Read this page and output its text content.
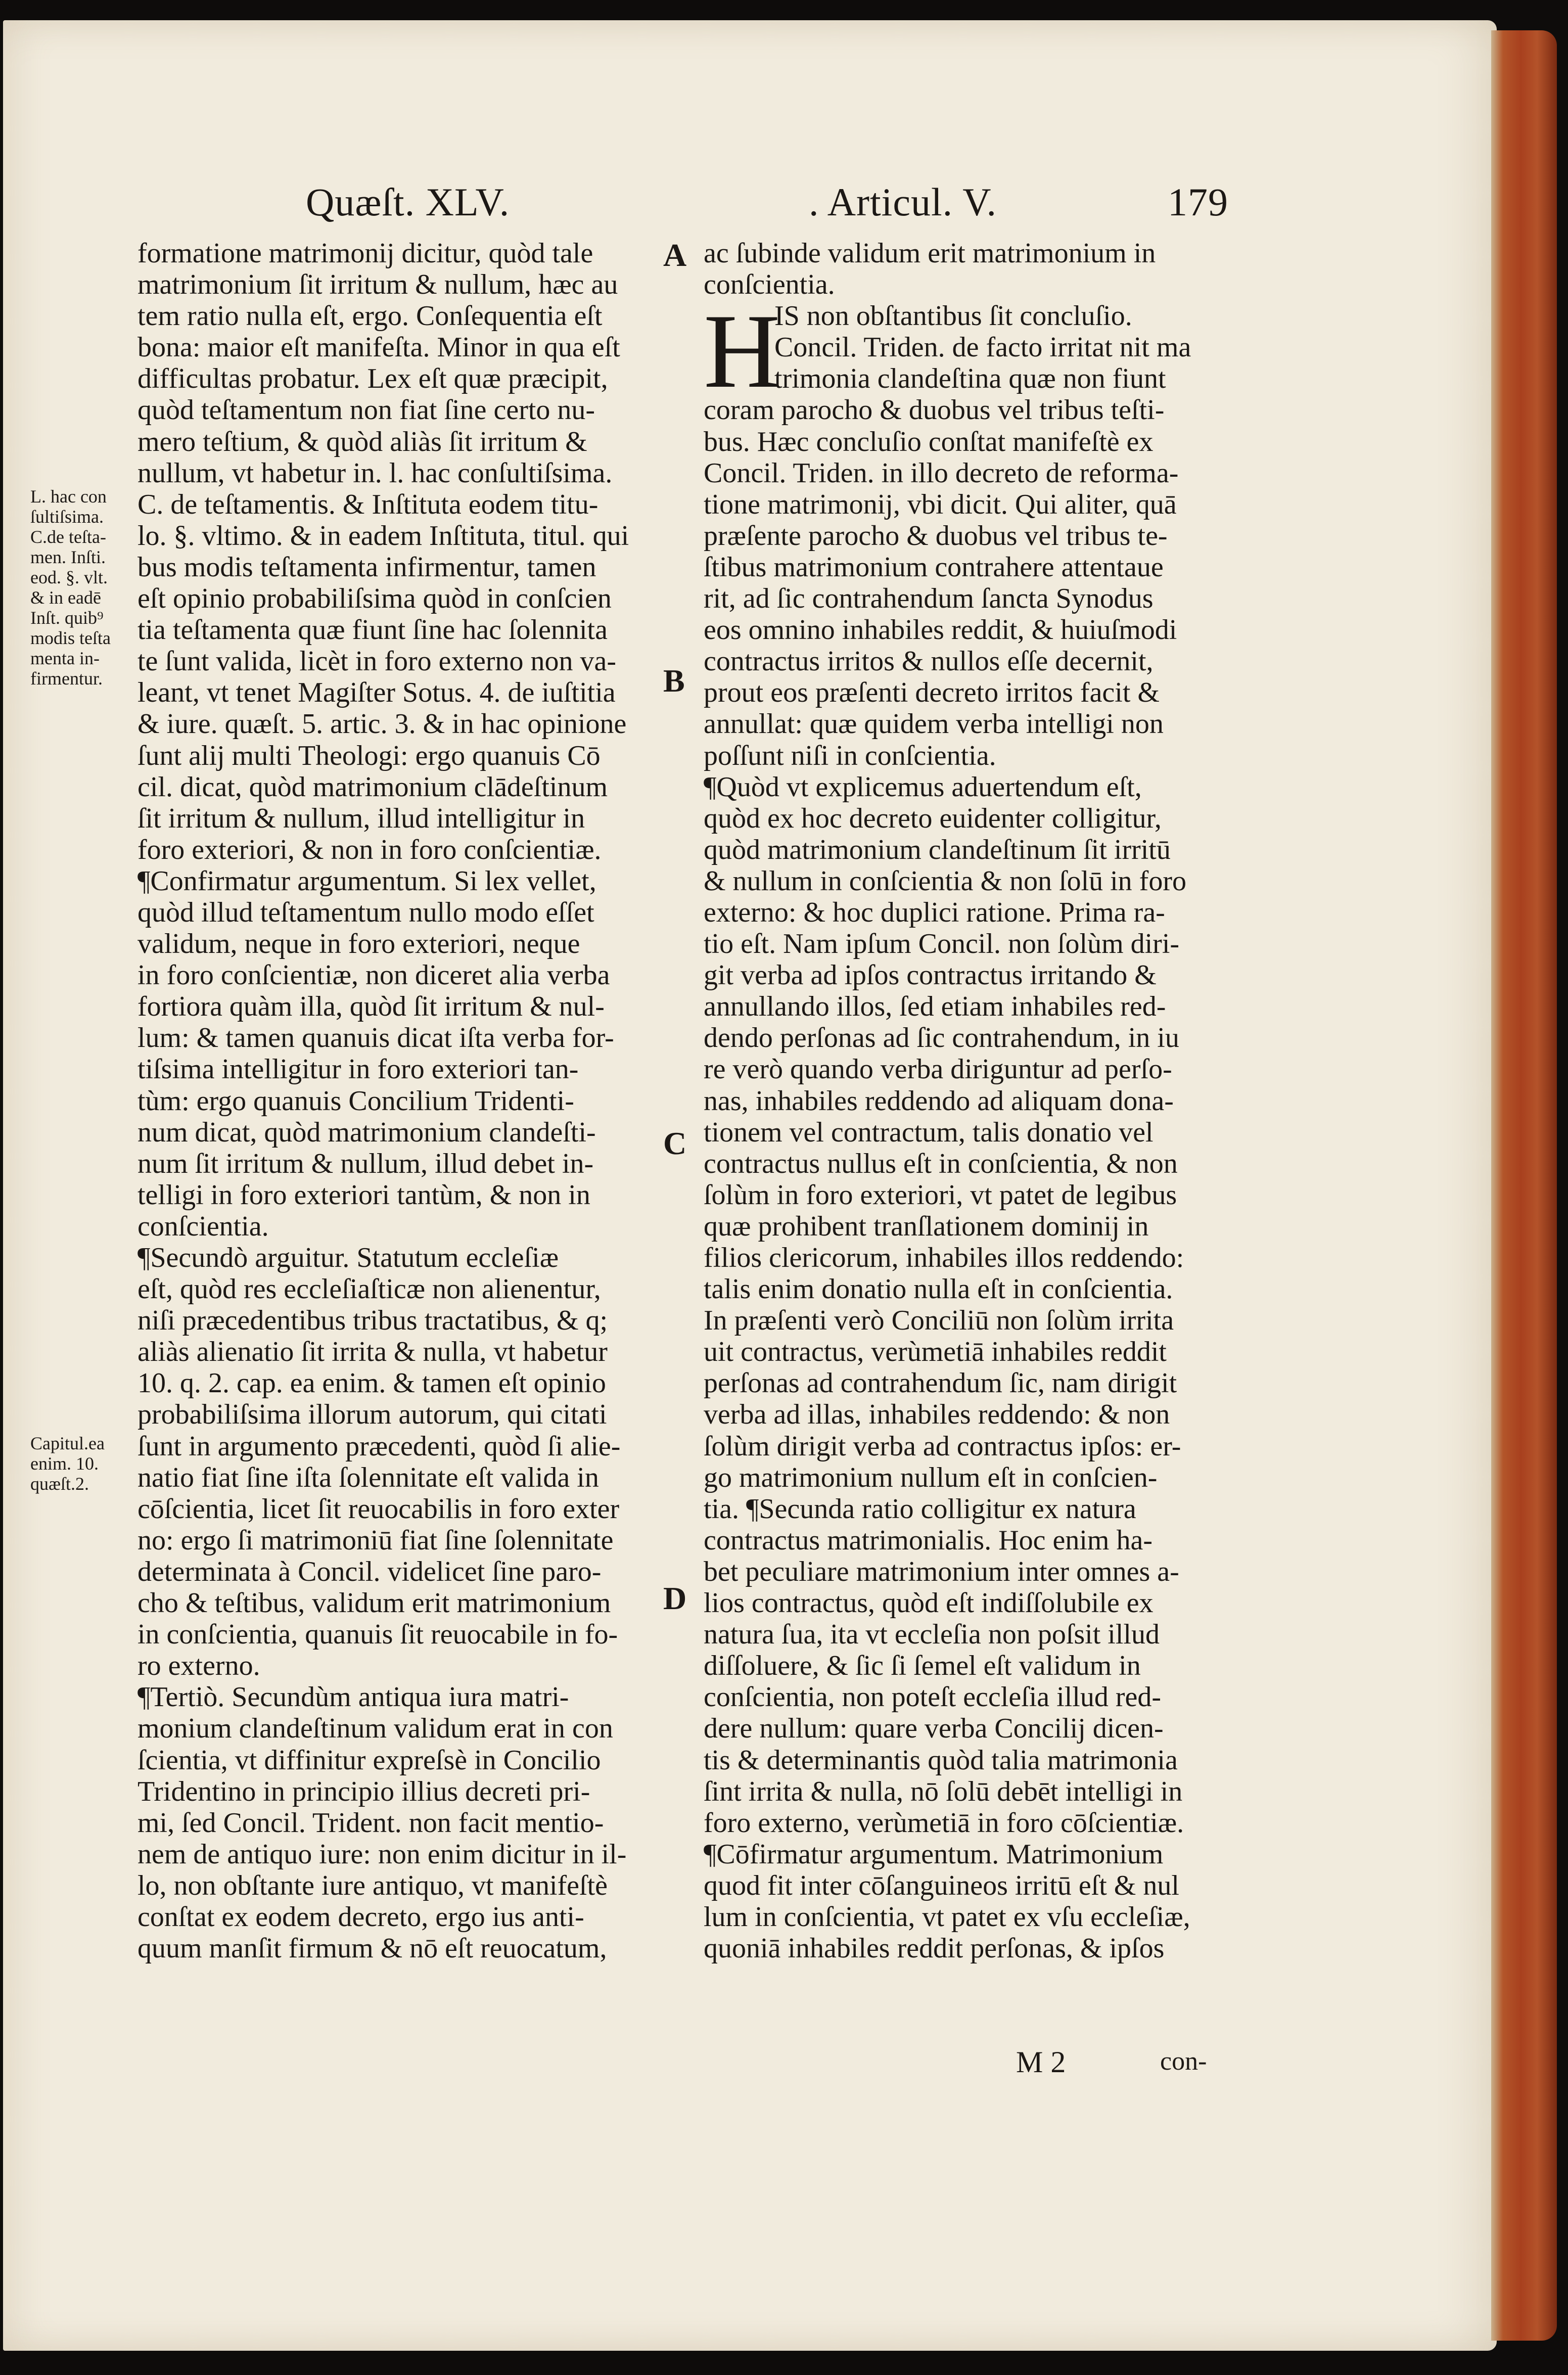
Quæſt. XLV.	. Articul. V.	179
L. hac con
ſultiſsima.
C.de teſta-
men. Inſti.
eod. §. vlt.
& in eadē
Inſt. quib⁹
modis teſta
menta in-
firmentur.
Capitul.ea
enim. 10.
quæſt.2.
A
B
C
D
formatione matrimonij dicitur, quòd tale
matrimonium ſit irritum & nullum, hæc au
tem ratio nulla eſt, ergo. Conſequentia eſt
bona: maior eſt manifeſta. Minor in qua eſt
difficultas probatur. Lex eſt quæ præcipit,
quòd teſtamentum non fiat ſine certo nu-
mero teſtium, & quòd aliàs ſit irritum &
nullum, vt habetur in. l. hac conſultiſsima.
C. de teſtamentis. & Inſtituta eodem titu-
lo. §. vltimo. & in eadem Inſtituta, titul. qui
bus modis teſtamenta infirmentur, tamen
eſt opinio probabiliſsima quòd in conſcien
tia teſtamenta quæ fiunt ſine hac ſolennita
te ſunt valida, licèt in foro externo non va-
leant, vt tenet Magiſter Sotus. 4. de iuſtitia
& iure. quæſt. 5. artic. 3. & in hac opinione
ſunt alij multi Theologi: ergo quanuis Cō
cil. dicat, quòd matrimonium clādeſtinum
ſit irritum & nullum, illud intelligitur in
foro exteriori, & non in foro conſcientiæ.
¶Confirmatur argumentum. Si lex vellet,
quòd illud teſtamentum nullo modo eſſet
validum, neque in foro exteriori, neque
in foro conſcientiæ, non diceret alia verba
fortiora quàm illa, quòd ſit irritum & nul-
lum: & tamen quanuis dicat iſta verba for-
tiſsima intelligitur in foro exteriori tan-
tùm: ergo quanuis Concilium Tridenti-
num dicat, quòd matrimonium clandeſti-
num ſit irritum & nullum, illud debet in-
telligi in foro exteriori tantùm, & non in
conſcientia.
¶Secundò arguitur. Statutum eccleſiæ
eſt, quòd res eccleſiaſticæ non alienentur,
niſi præcedentibus tribus tractatibus, & q;
aliàs alienatio ſit irrita & nulla, vt habetur
10. q. 2. cap. ea enim. & tamen eſt opinio
probabiliſsima illorum autorum, qui citati
ſunt in argumento præcedenti, quòd ſi alie-
natio fiat ſine iſta ſolennitate eſt valida in
cōſcientia, licet ſit reuocabilis in foro exter
no: ergo ſi matrimoniū fiat ſine ſolennitate
determinata à Concil. videlicet ſine paro-
cho & teſtibus, validum erit matrimonium
in conſcientia, quanuis ſit reuocabile in fo-
ro externo.
¶Tertiò. Secundùm antiqua iura matri-
monium clandeſtinum validum erat in con
ſcientia, vt diffinitur expreſsè in Concilio
Tridentino in principio illius decreti pri-
mi, ſed Concil. Trident. non facit mentio-
nem de antiquo iure: non enim dicitur in il-
lo, non obſtante iure antiquo, vt manifeſtè
conſtat ex eodem decreto, ergo ius anti-
quum manſit firmum & nō eſt reuocatum,
H
ac ſubinde validum erit matrimonium in
conſcientia.
IS non obſtantibus ſit concluſio.
Concil. Triden. de facto irritat nit ma
trimonia clandeſtina quæ non fiunt
coram parocho & duobus vel tribus teſti-
bus. Hæc concluſio conſtat manifeſtè ex
Concil. Triden. in illo decreto de reforma-
tione matrimonij, vbi dicit. Qui aliter, quā
præſente parocho & duobus vel tribus te-
ſtibus matrimonium contrahere attentaue
rit, ad ſic contrahendum ſancta Synodus
eos omnino inhabiles reddit, & huiuſmodi
contractus irritos & nullos eſſe decernit,
prout eos præſenti decreto irritos facit &
annullat: quæ quidem verba intelligi non
poſſunt niſi in conſcientia.
¶Quòd vt explicemus aduertendum eſt,
quòd ex hoc decreto euidenter colligitur,
quòd matrimonium clandeſtinum ſit irritū
& nullum in conſcientia & non ſolū in foro
externo: & hoc duplici ratione. Prima ra-
tio eſt. Nam ipſum Concil. non ſolùm diri-
git verba ad ipſos contractus irritando &
annullando illos, ſed etiam inhabiles red-
dendo perſonas ad ſic contrahendum, in iu
re verò quando verba diriguntur ad perſo-
nas, inhabiles reddendo ad aliquam dona-
tionem vel contractum, talis donatio vel
contractus nullus eſt in conſcientia, & non
ſolùm in foro exteriori, vt patet de legibus
quæ prohibent tranſlationem dominij in
filios clericorum, inhabiles illos reddendo:
talis enim donatio nulla eſt in conſcientia.
In præſenti verò Conciliū non ſolùm irrita
uit contractus, verùmetiā inhabiles reddit
perſonas ad contrahendum ſic, nam dirigit
verba ad illas, inhabiles reddendo: & non
ſolùm dirigit verba ad contractus ipſos: er-
go matrimonium nullum eſt in conſcien-
tia. ¶Secunda ratio colligitur ex natura
contractus matrimonialis. Hoc enim ha-
bet peculiare matrimonium inter omnes a-
lios contractus, quòd eſt indiſſolubile ex
natura ſua, ita vt eccleſia non poſsit illud
diſſoluere, & ſic ſi ſemel eſt validum in
conſcientia, non poteſt eccleſia illud red-
dere nullum: quare verba Concilij dicen-
tis & determinantis quòd talia matrimonia
ſint irrita & nulla, nō ſolū debēt intelligi in
foro externo, verùmetiā in foro cōſcientiæ.
¶Cōfirmatur argumentum. Matrimonium
quod fit inter cōſanguineos irritū eſt & nul
lum in conſcientia, vt patet ex vſu eccleſiæ,
quoniā inhabiles reddit perſonas, & ipſos
M 2	con-
